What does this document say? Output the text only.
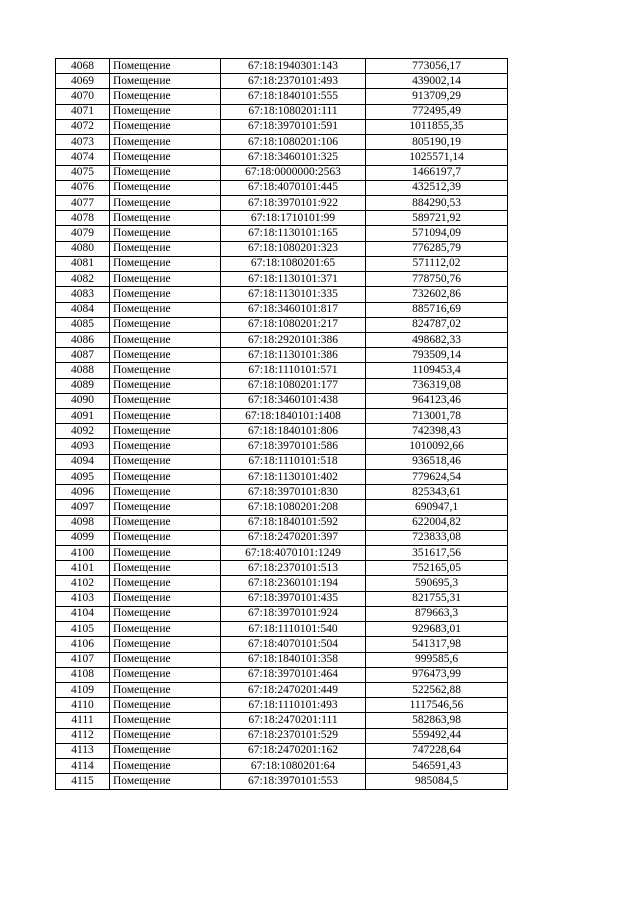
4068	Помещение	67:18:1940301:143	773056,17
4069	Помещение	67:18:2370101:493	439002,14
4070	Помещение	67:18:1840101:555	913709,29
4071	Помещение	67:18:1080201:111	772495,49
4072	Помещение	67:18:3970101:591	1011855,35
4073	Помещение	67:18:1080201:106	805190,19
4074	Помещение	67:18:3460101:325	1025571,14
4075	Помещение	67:18:0000000:2563	1466197,7
4076	Помещение	67:18:4070101:445	432512,39
4077	Помещение	67:18:3970101:922	884290,53
4078	Помещение	67:18:1710101:99	589721,92
4079	Помещение	67:18:1130101:165	571094,09
4080	Помещение	67:18:1080201:323	776285,79
4081	Помещение	67:18:1080201:65	571112,02
4082	Помещение	67:18:1130101:371	778750,76
4083	Помещение	67:18:1130101:335	732602,86
4084	Помещение	67:18:3460101:817	885716,69
4085	Помещение	67:18:1080201:217	824787,02
4086	Помещение	67:18:2920101:386	498682,33
4087	Помещение	67:18:1130101:386	793509,14
4088	Помещение	67:18:1110101:571	1109453,4
4089	Помещение	67:18:1080201:177	736319,08
4090	Помещение	67:18:3460101:438	964123,46
4091	Помещение	67:18:1840101:1408	713001,78
4092	Помещение	67:18:1840101:806	742398,43
4093	Помещение	67:18:3970101:586	1010092,66
4094	Помещение	67:18:1110101:518	936518,46
4095	Помещение	67:18:1130101:402	779624,54
4096	Помещение	67:18:3970101:830	825343,61
4097	Помещение	67:18:1080201:208	690947,1
4098	Помещение	67:18:1840101:592	622004,82
4099	Помещение	67:18:2470201:397	723833,08
4100	Помещение	67:18:4070101:1249	351617,56
4101	Помещение	67:18:2370101:513	752165,05
4102	Помещение	67:18:2360101:194	590695,3
4103	Помещение	67:18:3970101:435	821755,31
4104	Помещение	67:18:3970101:924	879663,3
4105	Помещение	67:18:1110101:540	929683,01
4106	Помещение	67:18:4070101:504	541317,98
4107	Помещение	67:18:1840101:358	999585,6
4108	Помещение	67:18:3970101:464	976473,99
4109	Помещение	67:18:2470201:449	522562,88
4110	Помещение	67:18:1110101:493	1117546,56
4111	Помещение	67:18:2470201:111	582863,98
4112	Помещение	67:18:2370101:529	559492,44
4113	Помещение	67:18:2470201:162	747228,64
4114	Помещение	67:18:1080201:64	546591,43
4115	Помещение	67:18:3970101:553	985084,5
